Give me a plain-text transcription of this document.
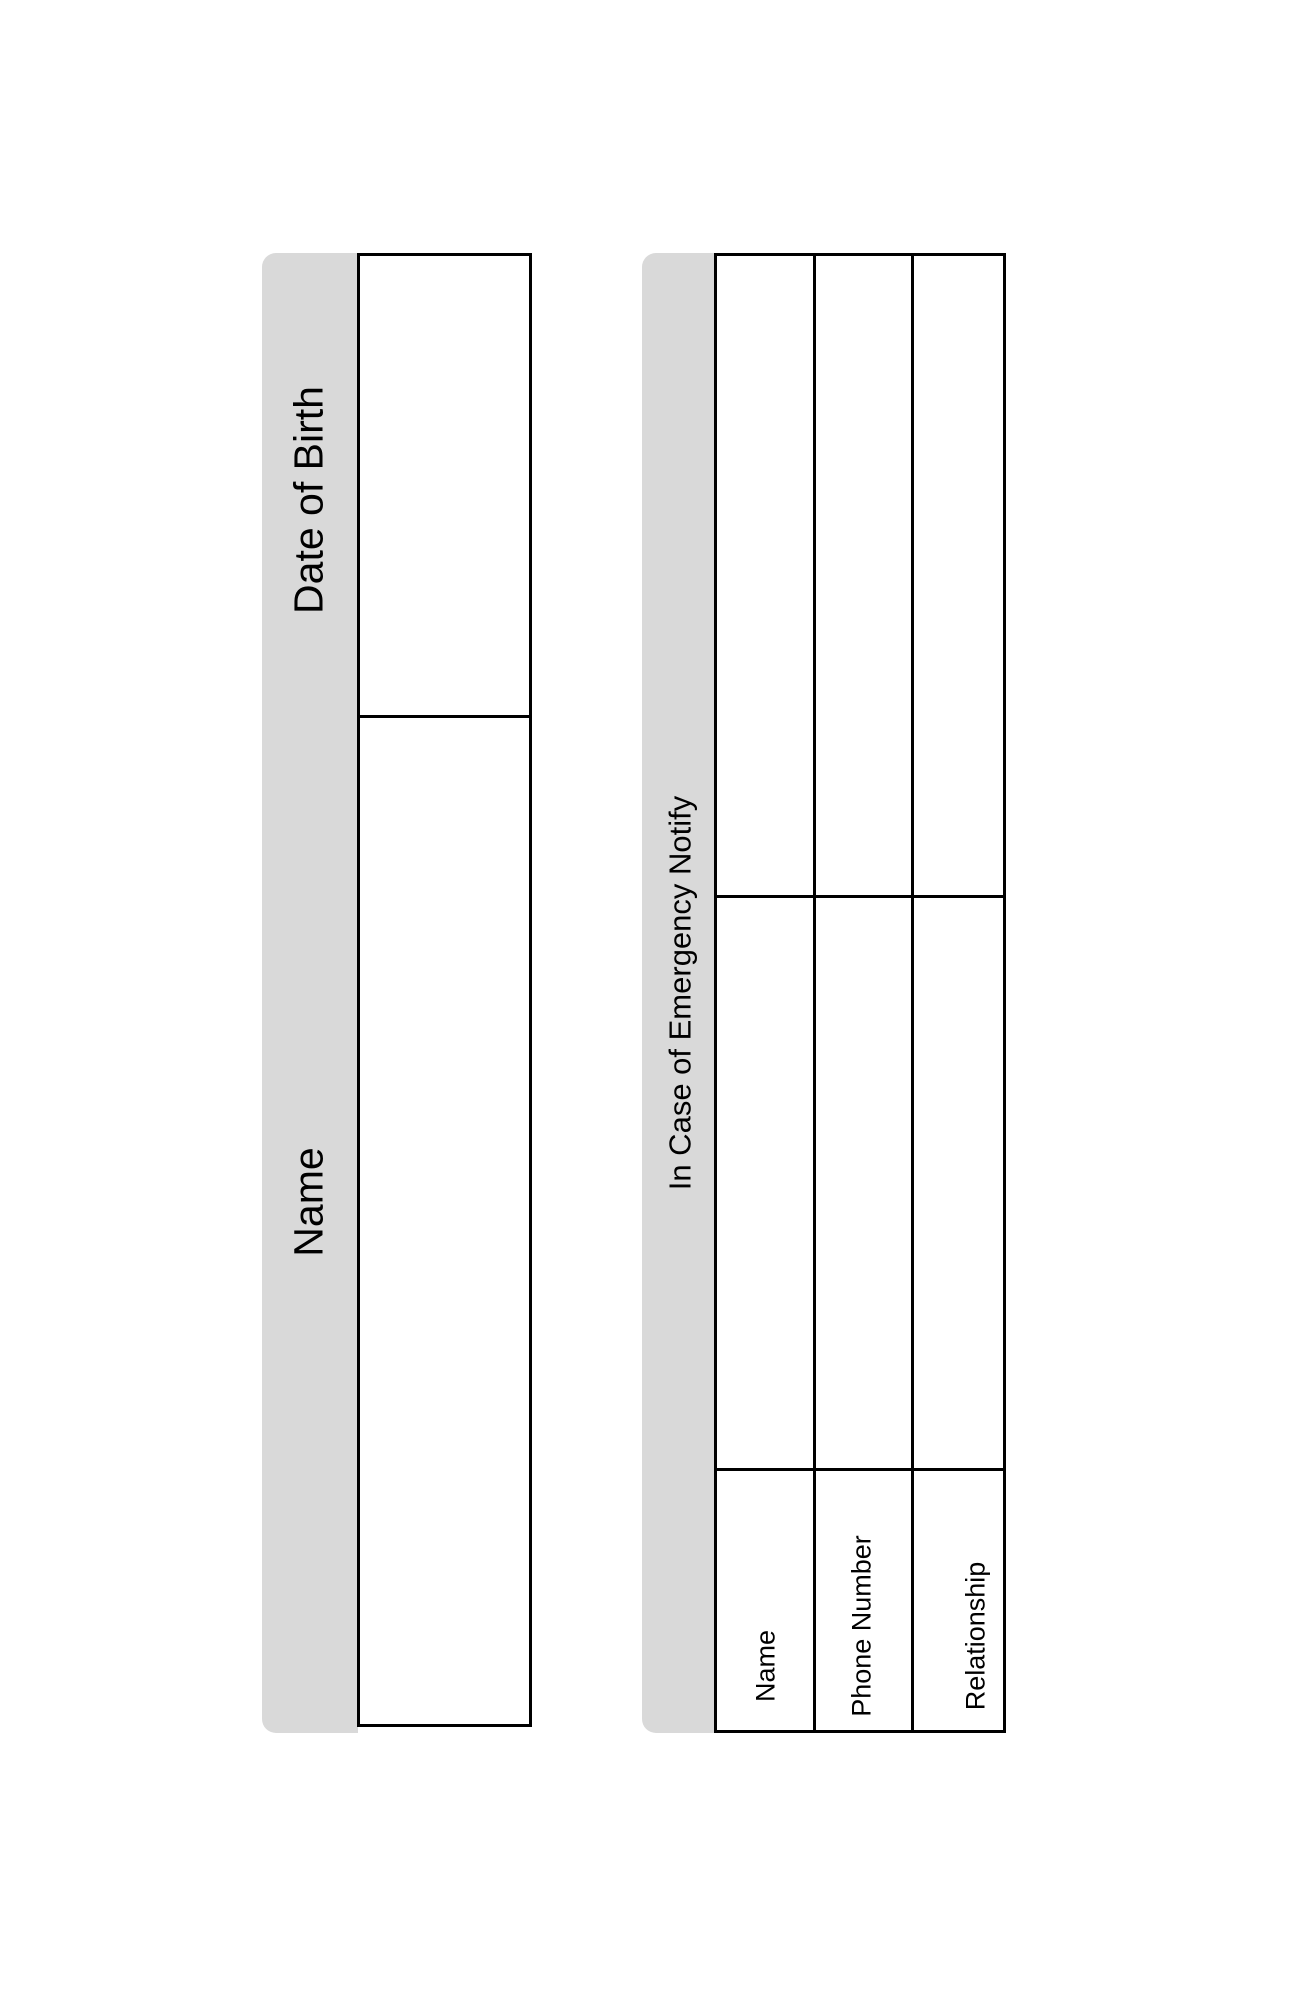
Date of Birth
Name
In Case of Emergency Notify
Name Phone Number	Relationship
